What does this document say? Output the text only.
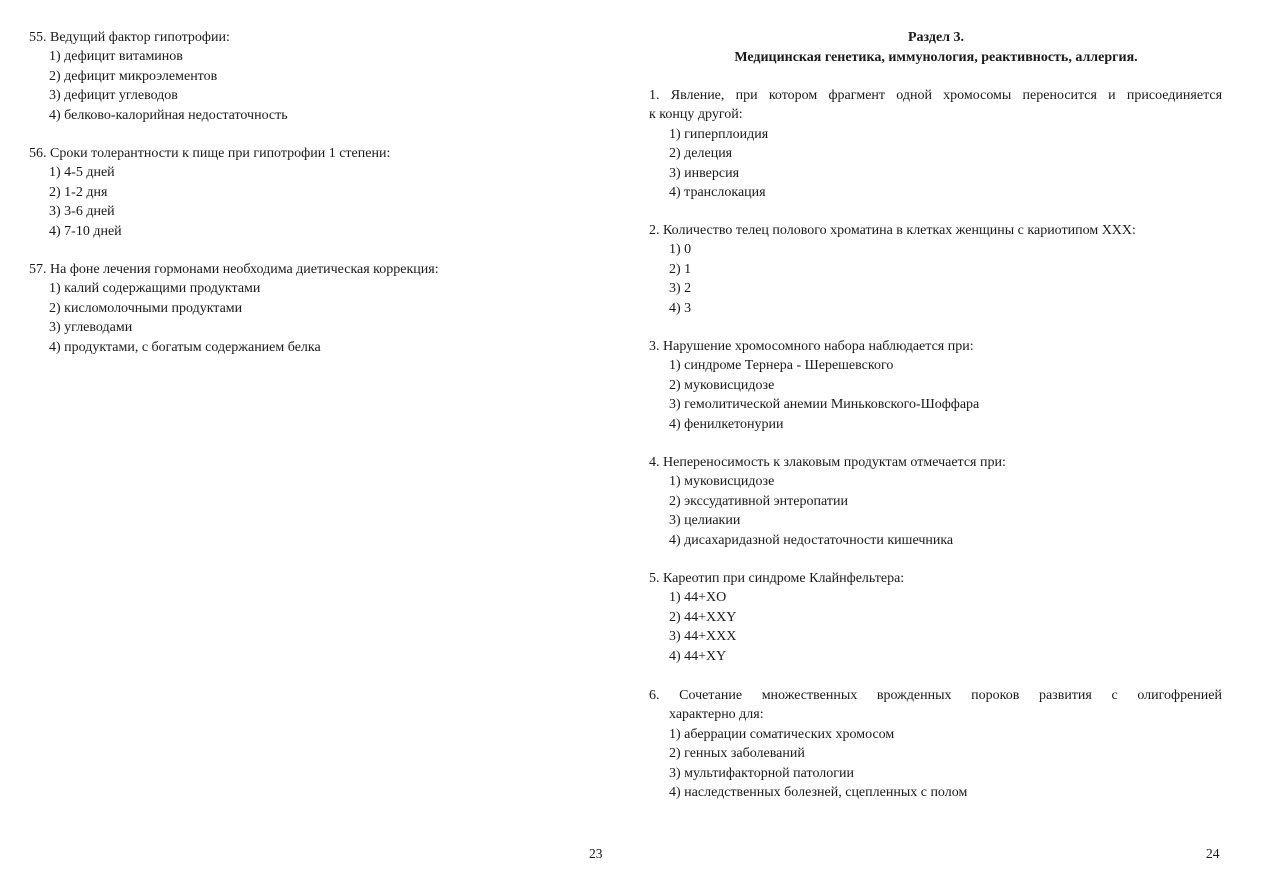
55. Ведущий фактор гипотрофии:
1) дефицит витаминов
2) дефицит микроэлементов
3) дефицит углеводов
4) белково-калорийная недостаточность
56. Сроки толерантности к пище при гипотрофии 1 степени:
1) 4-5 дней
2) 1-2 дня
3) 3-6 дней
4) 7-10 дней
57. На фоне лечения гормонами необходима диетическая коррекция:
1) калий содержащими продуктами
2) кисломолочными продуктами
3) углеводами
4) продуктами, с богатым содержанием белка
23
Раздел 3.
Медицинская генетика, иммунология, реактивность, аллергия.
1. Явление, при котором фрагмент одной хромосомы переносится и присоединяется
к концу другой:
1) гиперплоидия
2) делеция
3) инверсия
4) транслокация
2. Количество телец полового хроматина в клетках женщины с кариотипом XXX:
1) 0
2) 1
3) 2
4) 3
3. Нарушение хромосомного набора наблюдается при:
1) синдроме Тернера - Шерешевского
2) муковисцидозе
3) гемолитической анемии Миньковского-Шоффара
4) фенилкетонурии
4. Непереносимость к злаковым продуктам отмечается при:
1) муковисцидозе
2) экссудативной энтеропатии
3) целиакии
4) дисахаридазной недостаточности кишечника
5. Кареотип при синдроме Клайнфельтера:
1) 44+XO
2) 44+XXY
3) 44+XXX
4) 44+XY
6. Сочетание множественных врожденных пороков развития с олигофренией
характерно для:
1) аберрации соматических хромосом
2) генных заболеваний
3) мультифакторной патологии
4) наследственных болезней, сцепленных с полом
24
